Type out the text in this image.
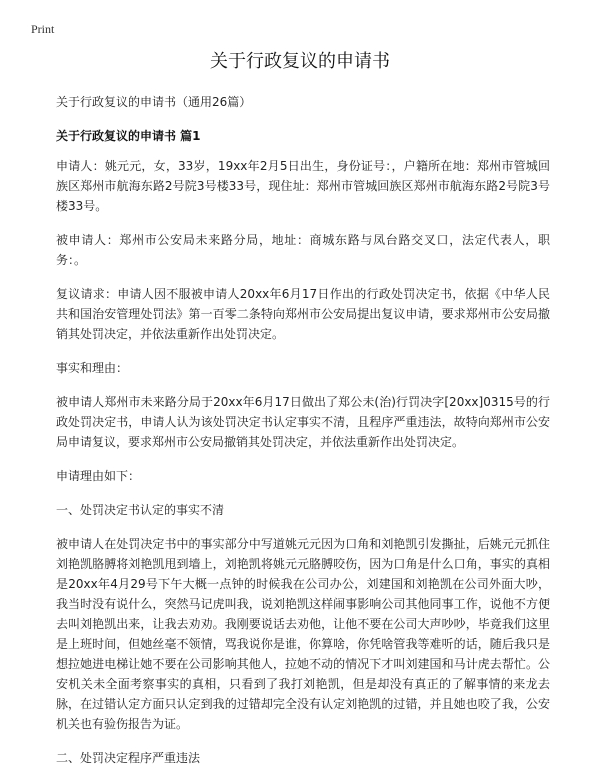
Print
关于行政复议的申请书

关于行政复议的申请书（通用26篇）

关于行政复议的申请书 篇1

申请人：姚元元，女，33岁，19xx年2月5日出生，身份证号：，户籍所在地：郑州市管城回族区郑州市航海东路2号院3号楼33号，现住址：郑州市管城回族区郑州市航海东路2号院3号楼33号。

被申请人：郑州市公安局未来路分局，地址：商城东路与凤台路交叉口，法定代表人，职务：。

复议请求：申请人因不服被申请人20xx年6月17日作出的行政处罚决定书，依据《中华人民共和国治安管理处罚法》第一百零二条特向郑州市公安局提出复议申请，要求郑州市公安局撤销其处罚决定，并依法重新作出处罚决定。

事实和理由：

被申请人郑州市未来路分局于20xx年6月17日做出了郑公未(治)行罚决字[20xx]0315号的行政处罚决定书，申请人认为该处罚决定书认定事实不清，且程序严重违法，故特向郑州市公安局申请复议，要求郑州市公安局撤销其处罚决定，并依法重新作出处罚决定。

申请理由如下：

一、处罚决定书认定的事实不清

被申请人在处罚决定书中的事实部分中写道姚元元因为口角和刘艳凯引发撕扯，后姚元元抓住刘艳凯胳膊将刘艳凯甩到墙上，刘艳凯将姚元元胳膊咬伤，因为口角是什么口角，事实的真相是20xx年4月29号下午大概一点钟的时候我在公司办公，刘建国和刘艳凯在公司外面大吵，我当时没有说什么，突然马记虎叫我，说刘艳凯这样闹事影响公司其他同事工作，说他不方便去叫刘艳凯出来，让我去劝劝。我刚要说话去劝他，让他不要在公司大声吵吵，毕竟我们这里是上班时间，但她丝毫不领情，骂我说你是谁，你算啥，你凭啥管我等难听的话，随后我只是想拉她进电梯让她不要在公司影响其他人，拉她不动的情况下才叫刘建国和马计虎去帮忙。公安机关未全面考察事实的真相，只看到了我打刘艳凯，但是却没有真正的了解事情的来龙去脉，在过错认定方面只认定到我的过错却完全没有认定刘艳凯的过错，并且她也咬了我，公安机关也有验伤报告为证。

二、处罚决定程序严重违法
